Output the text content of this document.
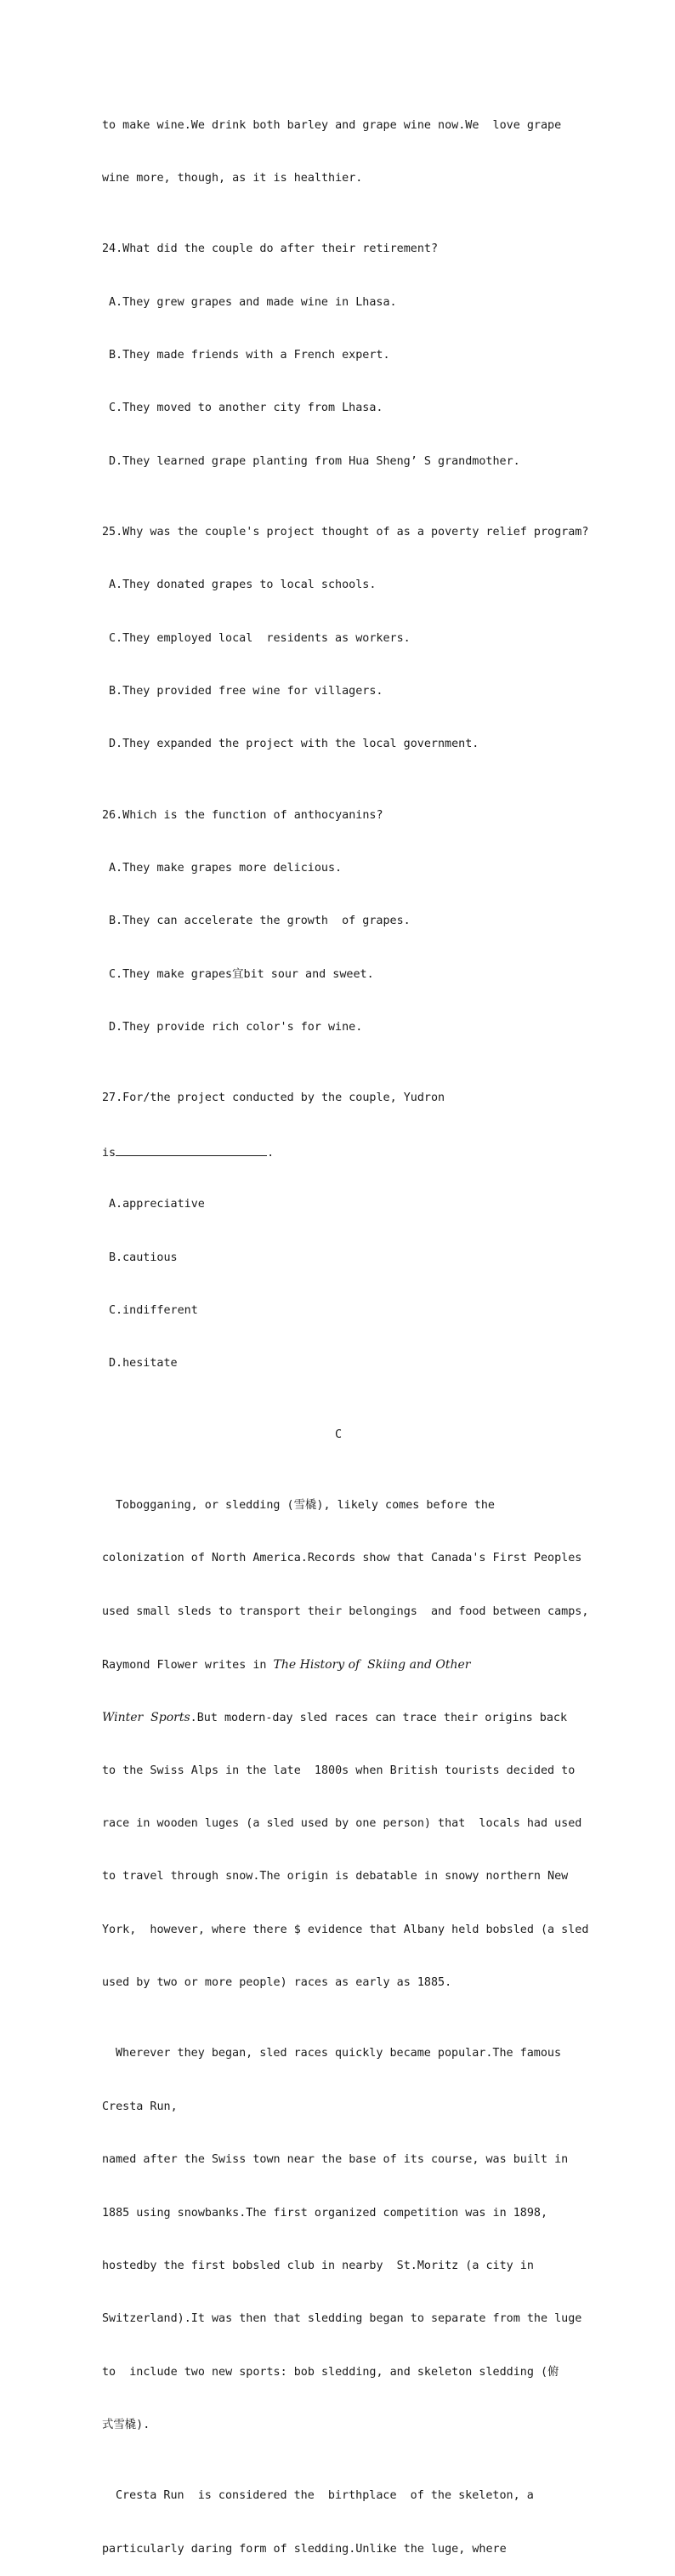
to make wine.We drink both barley and grape wine now.We  love grape

wine more, though, as it is healthier.

24.What did the couple do after their retirement?

A.They grew grapes and made wine in Lhasa.

B.They made friends with a French expert.

C.They moved to another city from Lhasa.

D.They learned grape planting from Hua Sheng’ S grandmother.

25.Why was the couple's project thought of as a poverty relief program?

A.They donated grapes to local schools.

C.They employed local  residents as workers.

B.They provided free wine for villagers.

D.They expanded the project with the local government.

26.Which is the function of anthocyanins?

A.They make grapes more delicious.

B.They can accelerate the growth  of grapes.

C.They make grapes宜bit sour and sweet.

D.They provide rich color's for wine.

27.For/the project conducted by the couple, Yudron

is	.

A.appreciative

B.cautious

C.indifferent

D.hesitate

C

Tobogganing, or sledding (雪橇), likely comes before the

colonization of North America.Records show that Canada's First Peoples

used small sleds to transport their belongings  and food between camps,

Raymond Flower writes in The History of  Skiing and Other

Winter  Sports.But modern-day sled races can trace their origins back

to the Swiss Alps in the late  1800s when British tourists decided to

race in wooden luges (a sled used by one person) that  locals had used

to travel through snow.The origin is debatable in snowy northern New

York,  however, where there $ evidence that Albany held bobsled (a sled

used by two or more people) races as early as 1885.

Wherever they began, sled races quickly became popular.The famous

Cresta Run,

named after the Swiss town near the base of its course, was built in

1885 using snowbanks.The first organized competition was in 1898,

hostedby the first bobsled club in nearby  St.Moritz (a city in

Switzerland).It was then that sledding began to separate from the luge

to  include two new sports: bob sledding, and skeleton sledding (俯

式雪橇).

Cresta Run  is considered the  birthplace  of the skeleton, a

particularly daring form of sledding.Unlike the luge, where
